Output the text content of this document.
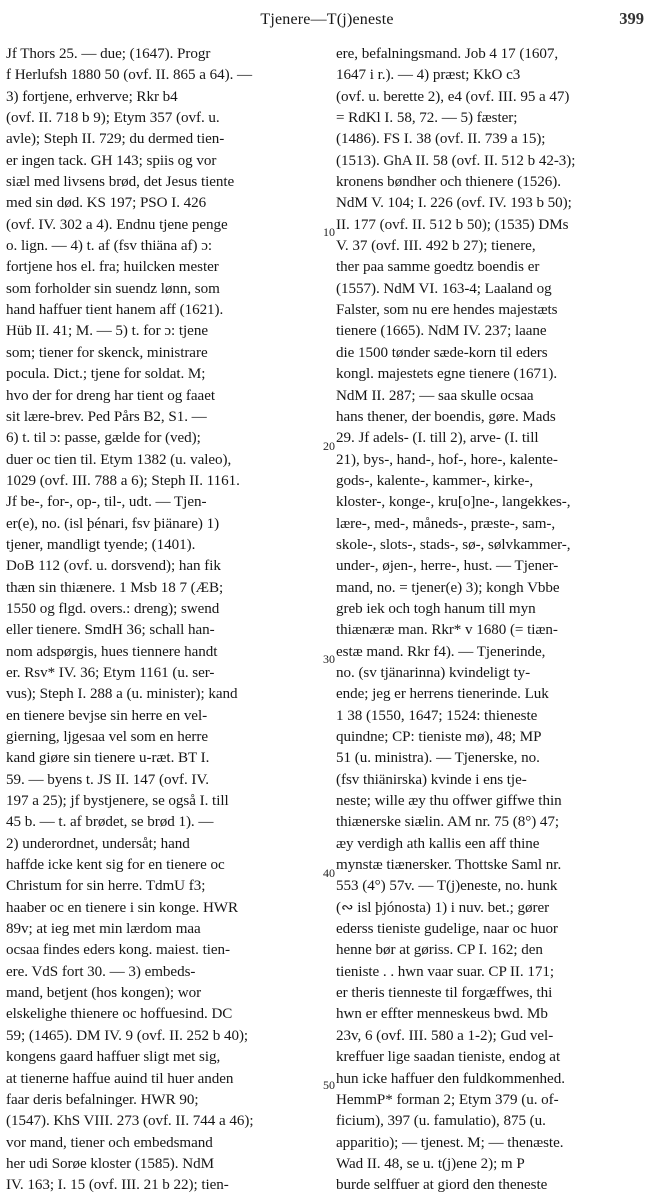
Tjenere—T(j)eneste	399
Jf Thors 25. — due; (1647). Progr
f Herlufsh 1880 50 (ovf. II. 865 a 64). —
3) fortjene, erhverve; Rkr b4
(ovf. II. 718 b 9); Etym 357 (ovf. u.
avle); Steph II. 729; du dermed tien-
er ingen tack. GH 143; spiis og vor
siæl med livsens brød, det Jesus tiente
med sin død. KS 197; PSO I. 426
(ovf. IV. 302 a 4). Endnu tjene penge
o. lign. — 4) t. af (fsv thiäna af) ɔ:
fortjene hos el. fra; huilcken mester
som forholder sin suendz lønn, som
hand haffuer tient hanem aff (1621).
Hüb II. 41; M. — 5) t. for ɔ: tjene
som; tiener for skenck, ministrare
pocula. Dict.; tjene for soldat. M;
hvo der for dreng har tient og faaet
sit lære-brev. Ped Pårs B2, S1. —
6) t. til ɔ: passe, gælde for (ved);
duer oc tien til. Etym 1382 (u. valeo),
1029 (ovf. III. 788 a 6); Steph II. 1161.
Jf be-, for-, op-, til-, udt. — Tjen-
er(e), no. (isl þénari, fsv þiänare) 1)
tjener, mandligt tyende; (1401).
DoB 112 (ovf. u. dorsvend); han fik
thæn sin thiænere. 1 Msb 18 7 (ÆB;
1550 og flgd. overs.: dreng); swend
eller tienere. SmdH 36; schall han-
nom adspørgis, hues tiennere handt
er. Rsv* IV. 36; Etym 1161 (u. ser-
vus); Steph I. 288 a (u. minister); kand
en tienere bevjse sin herre en vel-
gierning, ljgesaa vel som en herre
kand giøre sin tienere u-ræt. BT I.
59. — byens t. JS II. 147 (ovf. IV.
197 a 25); jf bystjenere, se også I. till
45 b. — t. af brødet, se brød 1). —
2) underordnet, undersåt; hand
haffde icke kent sig for en tienere oc
Christum for sin herre. TdmU f3;
haaber oc en tienere i sin konge. HWR
89v; at ieg met min lærdom maa
ocsaa findes eders kong. maiest. tien-
ere. VdS fort 30. — 3) embeds-
mand, betjent (hos kongen); wor
elskelighe thienere oc hoffuesind. DC
59; (1465). DM IV. 9 (ovf. II. 252 b 40);
kongens gaard haffuer sligt met sig,
at tienerne haffue auind til huer anden
faar deris befalninger. HWR 90;
(1547). KhS VIII. 273 (ovf. II. 744 a 46);
vor mand, tiener och embedsmand
her udi Sorøe kloster (1585). NdM
IV. 163; I. 15 (ovf. III. 21 b 22); tien-
10
20
30
40
50
ere, befalningsmand. Job 4 17 (1607,
1647 i r.). — 4) præst; KkO c3
(ovf. u. berette 2), e4 (ovf. III. 95 a 47)
= RdKl I. 58, 72. — 5) fæster;
(1486). FS I. 38 (ovf. II. 739 a 15);
(1513). GhA II. 58 (ovf. II. 512 b 42-3);
kronens bøndher och thienere (1526).
NdM V. 104; I. 226 (ovf. IV. 193 b 50);
II. 177 (ovf. II. 512 b 50); (1535) DMs
V. 37 (ovf. III. 492 b 27); tienere,
ther paa samme goedtz boendis er
(1557). NdM VI. 163-4; Laaland og
Falster, som nu ere hendes majestæts
tienere (1665). NdM IV. 237; laane
die 1500 tønder sæde-korn til eders
kongl. majestets egne tienere (1671).
NdM II. 287; — saa skulle ocsaa
hans thener, der boendis, gøre. Mads
29. Jf adels- (I. till 2), arve- (I. till
21), bys-, hand-, hof-, hore-, kalente-
gods-, kalente-, kammer-, kirke-,
kloster-, konge-, kru[o]ne-, langekkes-,
lære-, med-, måneds-, præste-, sam-,
skole-, slots-, stads-, sø-, sølvkammer-,
under-, øjen-, herre-, hust. — Tjener-
mand, no. = tjener(e) 3); kongh Vbbe
greb iek och togh hanum till myn
thiænæræ man. Rkr* v 1680 (= tiæn-
estæ mand. Rkr f4). — Tjenerinde,
no. (sv tjänarinna) kvindeligt ty-
ende; jeg er herrens tienerinde. Luk
1 38 (1550, 1647; 1524: thieneste
quindne; CP: tieniste mø), 48; MP
51 (u. ministra). — Tjenerske, no.
(fsv thiänirska) kvinde i ens tje-
neste; wille æy thu offwer giffwe thin
thiænerske siælin. AM nr. 75 (8°) 47;
æy verdigh ath kallis een aff thine
mynstæ tiænersker. Thottske Saml nr.
553 (4°) 57v. — T(j)eneste, no. hunk
(∾ isl þjónosta) 1) i nuv. bet.; gører
ederss tieniste gudelige, naar oc huor
henne bør at gøriss. CP I. 162; den
tieniste . . hwn vaar suar. CP II. 171;
er theris tienneste til forgæffwes, thi
hwn er effter menneskeus bwd. Mb
23v, 6 (ovf. III. 580 a 1-2); Gud vel-
kreffuer lige saadan tieniste, endog at
hun icke haffuer den fuldkommenhed.
HemmP* forman 2; Etym 379 (u. of-
ficium), 397 (u. famulatio), 875 (u.
apparitio); — tjenest. M; — thenæste.
Wad II. 48, se u. t(j)ene 2); m P
burde selffuer at giord den theneste
